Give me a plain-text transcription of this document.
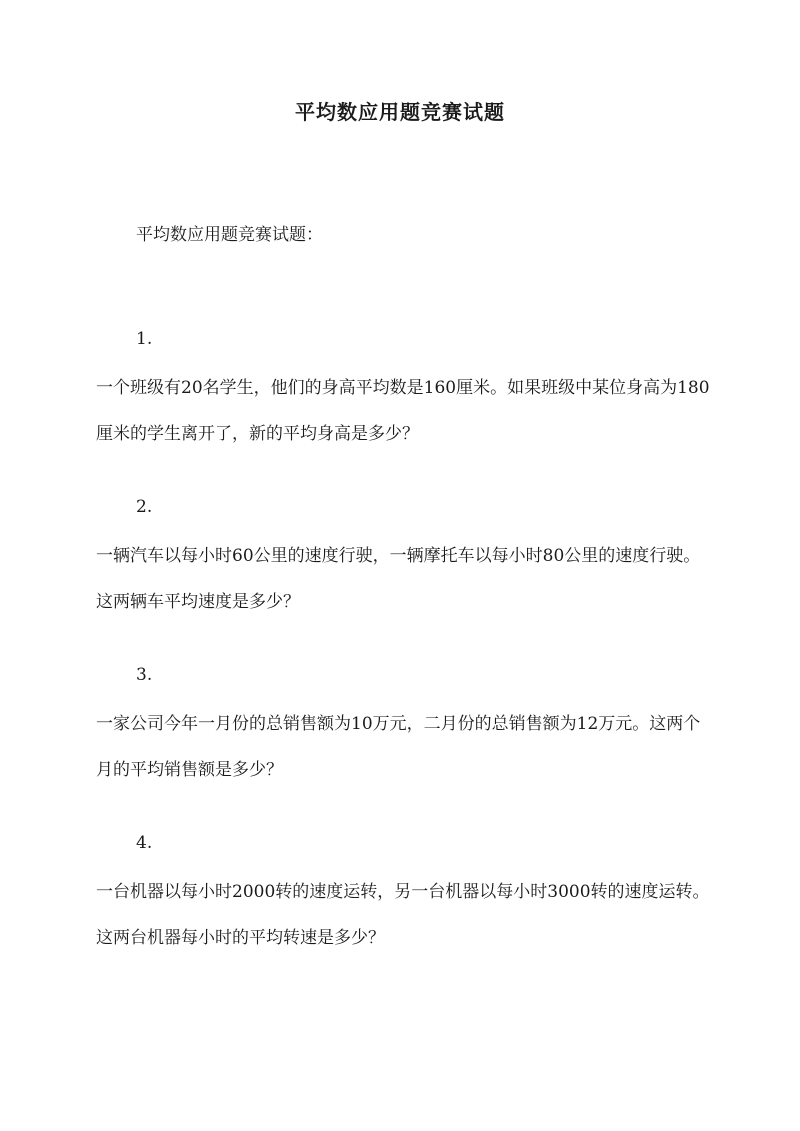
平均数应用题竞赛试题
平均数应用题竞赛试题：
1.
一个班级有20名学生，他们的身高平均数是160厘米。如果班级中某位身高为180厘米的学生离开了，新的平均身高是多少？
2.
一辆汽车以每小时60公里的速度行驶，一辆摩托车以每小时80公里的速度行驶。这两辆车平均速度是多少？
3.
一家公司今年一月份的总销售额为10万元，二月份的总销售额为12万元。这两个月的平均销售额是多少？
4.
一台机器以每小时2000转的速度运转，另一台机器以每小时3000转的速度运转。这两台机器每小时的平均转速是多少？
